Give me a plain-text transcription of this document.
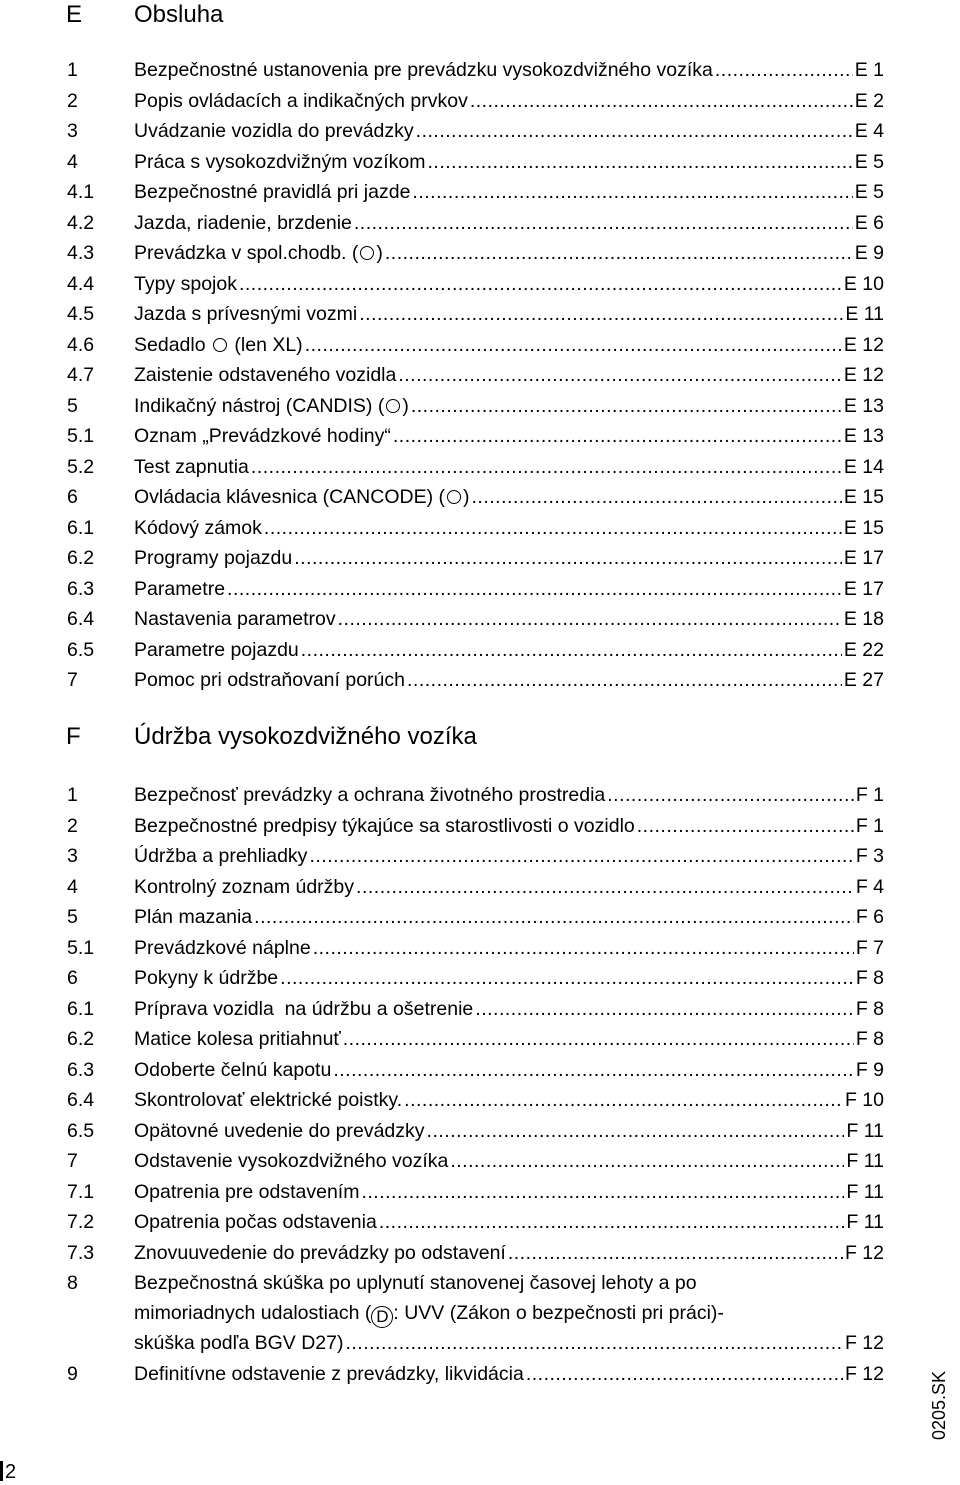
E Obsluha
1	Bezpečnostné ustanovenia pre prevádzku vysokozdvižného vozíka .....	E 1
2	Popis ovládacích a indikačných prvkov .....	E 2
3	Uvádzanie vozidla do prevádzky .....	E 4
4	Práca s vysokozdvižným vozíkom .....	E 5
4.1 Bezpečnostné pravidlá pri jazde .....	E 5
4.2 Jazda, riadenie, brzdenie .....	E 6
4.3 Prevádzka v spol.chodb. ( ) .....	E 9
4.4 Typy spojok .....	E 10
4.5 Jazda s prívesnými vozmi .....	E 11
4.6 Sedadlo  (len XL) .....	E 12
4.7 Zaistenie odstaveného vozidla .....	E 12
5	Indikačný nástroj (CANDIS) ( ) .....	E 13
5.1 Oznam „Prevádzkové hodiny“ .....	E 13
5.2 Test zapnutia .....	E 14
6	Ovládacia klávesnica (CANCODE) ( ) .....	E 15
6.1 Kódový zámok .....	E 15
6.2 Programy pojazdu .....	E 17
6.3 Parametre .....	E 17
6.4 Nastavenia parametrov .....	E 18
6.5 Parametre pojazdu .....	E 22
7	Pomoc pri odstraňovaní porúch .....	E 27
F Údržba vysokozdvižného vozíka
1	Bezpečnosť prevádzky a ochrana životného prostredia .....	F 1
2	Bezpečnostné predpisy týkajúce sa starostlivosti o vozidlo .....	F 1
3	Údržba a prehliadky .....	F 3
4	Kontrolný zoznam údržby .....	F 4
5	Plán mazania .....	F 6
5.1 Prevádzkové náplne .....	F 7
6	Pokyny k údržbe .....	F 8
6.1 Príprava vozidla  na údržbu a ošetrenie .....	F 8
6.2 Matice kolesa pritiahnuť .....	F 8
6.3 Odoberte čelnú kapotu .....	F 9
6.4 Skontrolovať elektrické poistky. .....	F 10
6.5 Opätovné uvedenie do prevádzky .....	F 11
7	Odstavenie vysokozdvižného vozíka .....	F 11
7.1 Opatrenia pre odstavením .....	F 11
7.2 Opatrenia počas odstavenia .....	F 11
7.3 Znovuuvedenie do prevádzky po odstavení .....	F 12
8	Bezpečnostná skúška po uplynutí stanovenej časovej lehoty a po
mimoriadnych udalostiach ( D : UVV (Zákon o bezpečnosti pri práci)-
skúška podľa BGV D27) .....	F 12
9	Definitívne odstavenie z prevádzky, likvidácia .....	F 12	0205.SK
2
